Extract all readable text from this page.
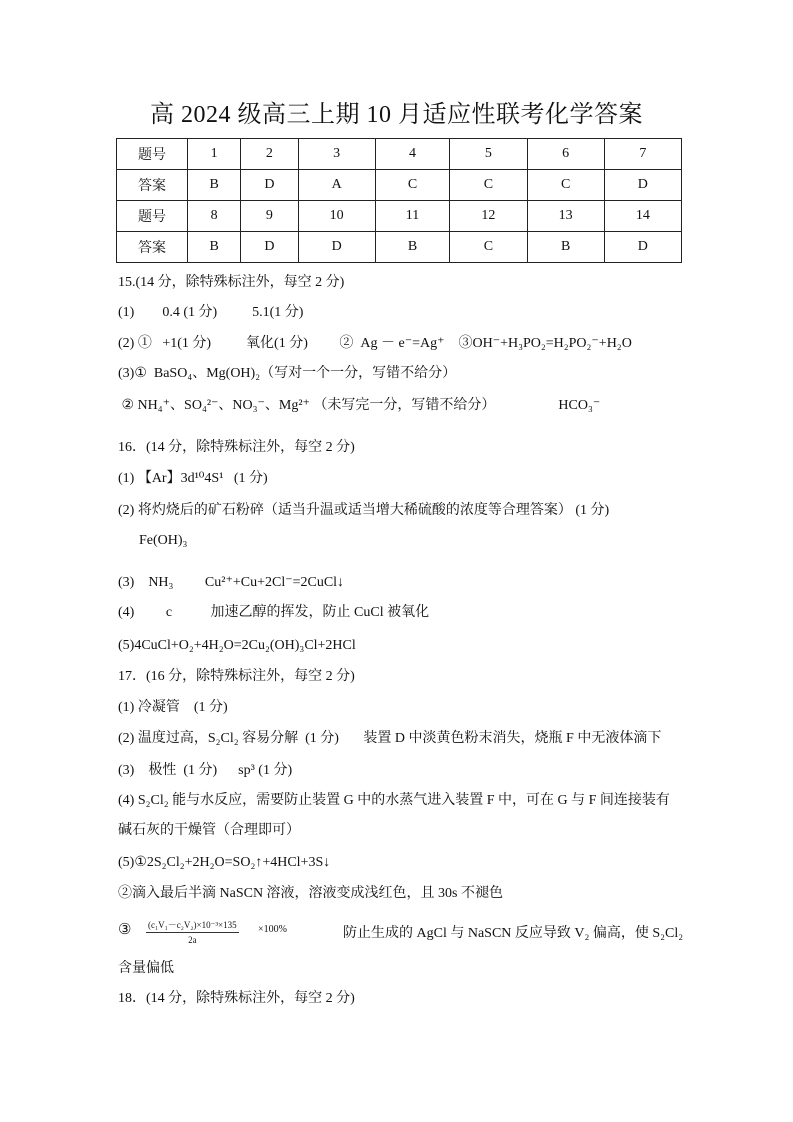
高 2024 级高三上期 10 月适应性联考化学答案
题号	1	2	3	4	5	6	7
答案	B	D	A	C	C	C	D
题号	8	9	10	11	12	13	14
答案	B	D	D	B	C	B	D
15.(14 分，除特殊标注外，每空 2 分)
(1)        0.4 (1 分)          5.1(1 分)
(2) ①   +1(1 分)          氧化(1 分)         ②  Ag － e⁻=Ag⁺    ③OH⁻+H₃PO₂=H₂PO₂⁻+H₂O
(3)①  BaSO₄、Mg(OH)₂（写对一个一分，写错不给分）
② NH₄⁺、SO₄²⁻、NO₃⁻、Mg²⁺ （未写完一分，写错不给分）                  HCO₃⁻
16．(14 分，除特殊标注外，每空 2 分)
(1) 【Ar】3d¹⁰4S¹   (1 分)
(2) 将灼烧后的矿石粉碎（适当升温或适当增大稀硫酸的浓度等合理答案） (1 分)
Fe(OH)₃
(3)    NH₃         Cu²⁺+Cu+2Cl⁻=2CuCl↓
(4)         c           加速乙醇的挥发，防止 CuCl 被氧化
(5)4CuCl+O₂+4H₂O=2Cu₂(OH)₃Cl+2HCl
17．(16 分，除特殊标注外，每空 2 分)
(1) 冷凝管    (1 分)
(2) 温度过高，S₂Cl₂ 容易分解  (1 分)       装置 D 中淡黄色粉末消失，烧瓶 F 中无液体滴下
(3)    极性  (1 分)      sp³ (1 分)
(4) S₂Cl₂ 能与水反应，需要防止装置 G 中的水蒸气进入装置 F 中，可在 G 与 F 间连接装有
碱石灰的干燥管（合理即可）
(5)①2S₂Cl₂+2H₂O=SO₂↑+4HCl+3S↓
②滴入最后半滴 NaSCN 溶液，溶液变成浅红色，且 30s 不褪色
含量偏低
18．(14 分，除特殊标注外，每空 2 分)
③ $\frac{\text{(c₁V₁－c₂V₂)×10⁻³×135}}{2a} \times 100\%$	防止生成的 AgCl 与 NaSCN 反应导致 V₂ 偏高，使 S₂Cl₂
